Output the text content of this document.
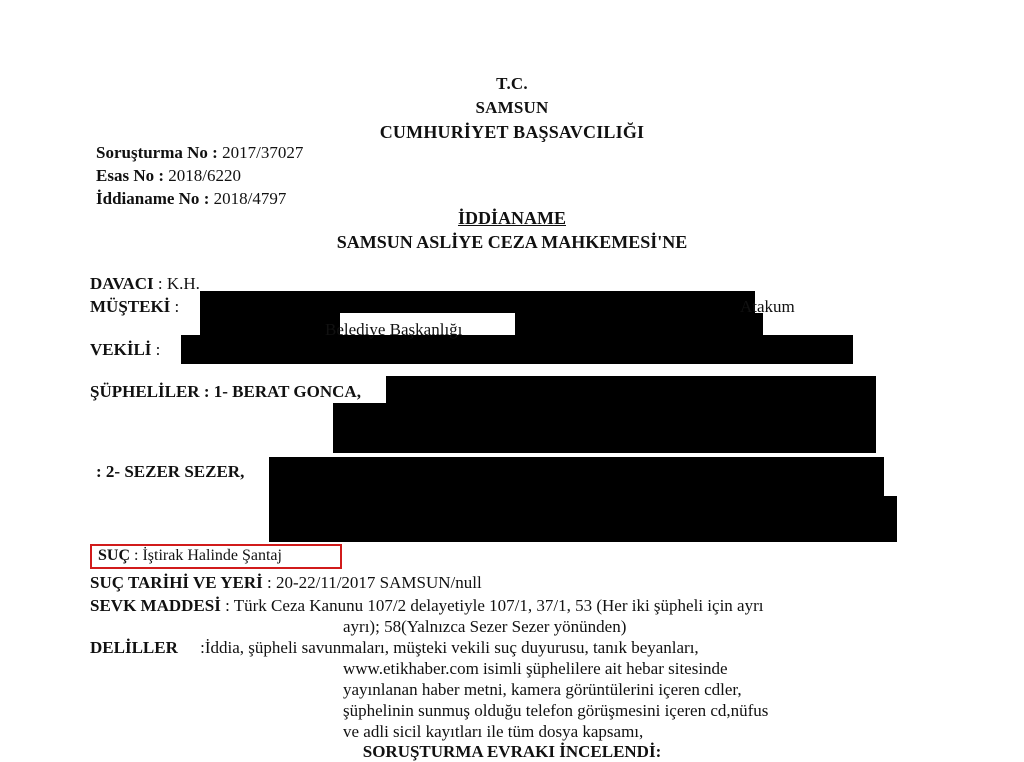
T.C.
SAMSUN
CUMHURİYET BAŞSAVCILIĞI
Soruşturma No : 2017/37027
Esas No : 2018/6220
İddianame No : 2018/4797
İDDİANAME
SAMSUN ASLİYE CEZA MAHKEMESİ'NE
DAVACI : K.H.
MÜŞTEKİ :
VEKİLİ :
ŞÜPHELİLER : 1- BERAT GONCA,
Atakum
Belediye Başkanlığı
: 2- SEZER SEZER,
SUÇ : İştirak Halinde Şantaj
SUÇ TARİHİ VE YERİ : 20-22/11/2017 SAMSUN/null
SEVK MADDESİ : Türk Ceza Kanunu 107/2 delayetiyle 107/1, 37/1, 53 (Her iki şüpheli için ayrı
ayrı); 58(Yalnızca Sezer Sezer yönünden)
DELİLLER :İddia, şüpheli savunmaları, müşteki vekili suç duyurusu, tanık beyanları,
www.etikhaber.com isimli şüphelilere ait hebar sitesinde
yayınlanan haber metni, kamera görüntülerini içeren cdler,
şüphelinin sunmuş olduğu telefon görüşmesini içeren cd,nüfus
ve adli sicil kayıtları ile tüm dosya kapsamı,
SORUŞTURMA EVRAKI İNCELENDİ:
